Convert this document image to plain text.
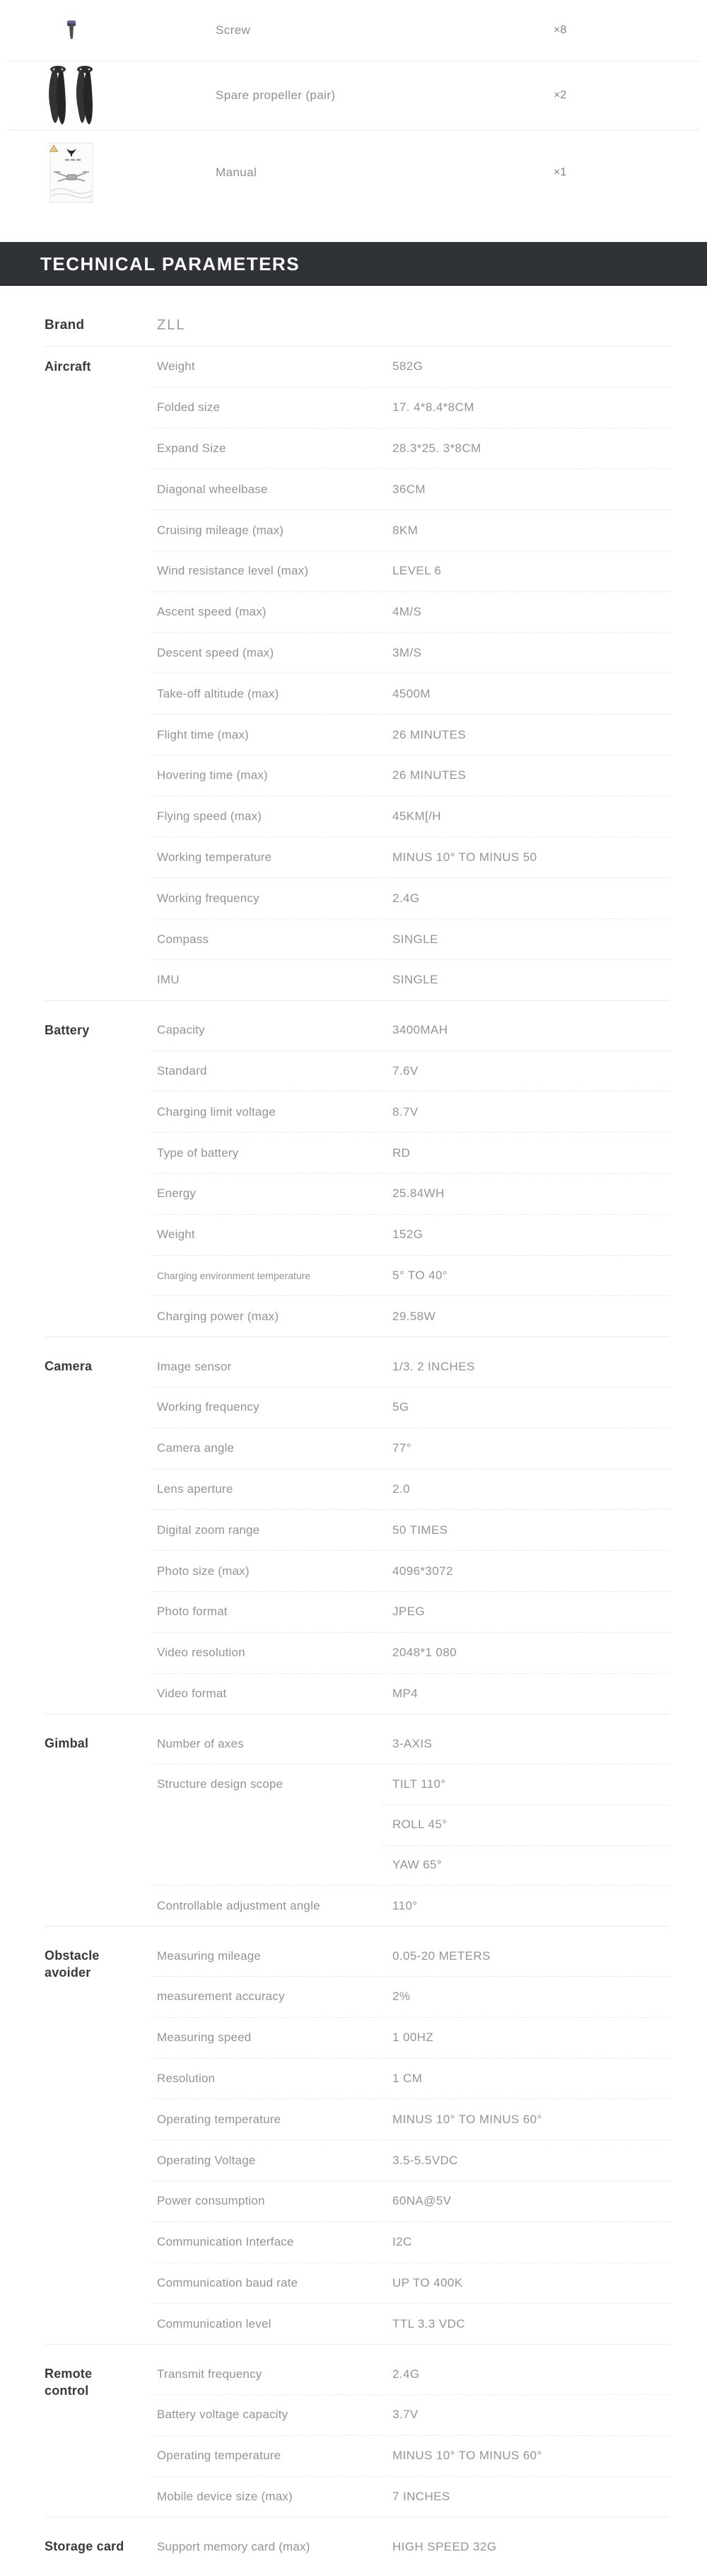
Screw	×8
Spare propeller (pair)	×2
Manual	×1
TECHNICAL PARAMETERS
Brand	ZLL
Aircraft	Weight	582G
Folded size	17. 4*8.4*8CM
Expand Size	28.3*25. 3*8CM
Diagonal wheelbase	36CM
Cruising mileage (max)	8KM
Wind resistance level (max)	LEVEL 6
Ascent speed (max)	4M/S
Descent speed (max)	3M/S
Take-off altitude (max)	4500M
Flight time (max)	26 MINUTES
Hovering time (max)	26 MINUTES
Flying speed (max)	45KM[/H
Working temperature	MINUS 10° TO MINUS 50
Working frequency	2.4G
Compass	SINGLE
IMU	SINGLE
Battery	Capacity	3400MAH
Standard	7.6V
Charging limit voltage	8.7V
Type of battery	RD
Energy	25.84WH
Weight	152G
Charging environment temperature	5° TO 40°
Charging power (max)	29.58W
Camera	Image sensor	1/3. 2 INCHES
Working frequency	5G
Camera angle	77°
Lens aperture	2.0
Digital zoom range	50 TIMES
Photo size (max)	4096*3072
Photo format	JPEG
Video resolution	2048*1 080
Video format	MP4
Gimbal	Number of axes	3-AXIS
Structure design scope	TILT 110°
ROLL 45°
YAW 65°
Controllable adjustment angle	110°
Obstacle
avoider
Measuring mileage	0.05-20 METERS
measurement accuracy	2%
Measuring speed	1 00HZ
Resolution	1 CM
Operating temperature	MINUS 10° TO MINUS 60°
Operating Voltage	3.5-5.5VDC
Power consumption	60NA@5V
Communication Interface	I2C
Communication baud rate	UP TO 400K
Communication level	TTL 3.3 VDC
Remote
control
Transmit frequency	2.4G
Battery voltage capacity	3.7V
Operating temperature	MINUS 10° TO MINUS 60°
Mobile device size (max)	7 INCHES
Storage card	Support memory card (max)	HIGH SPEED 32G
